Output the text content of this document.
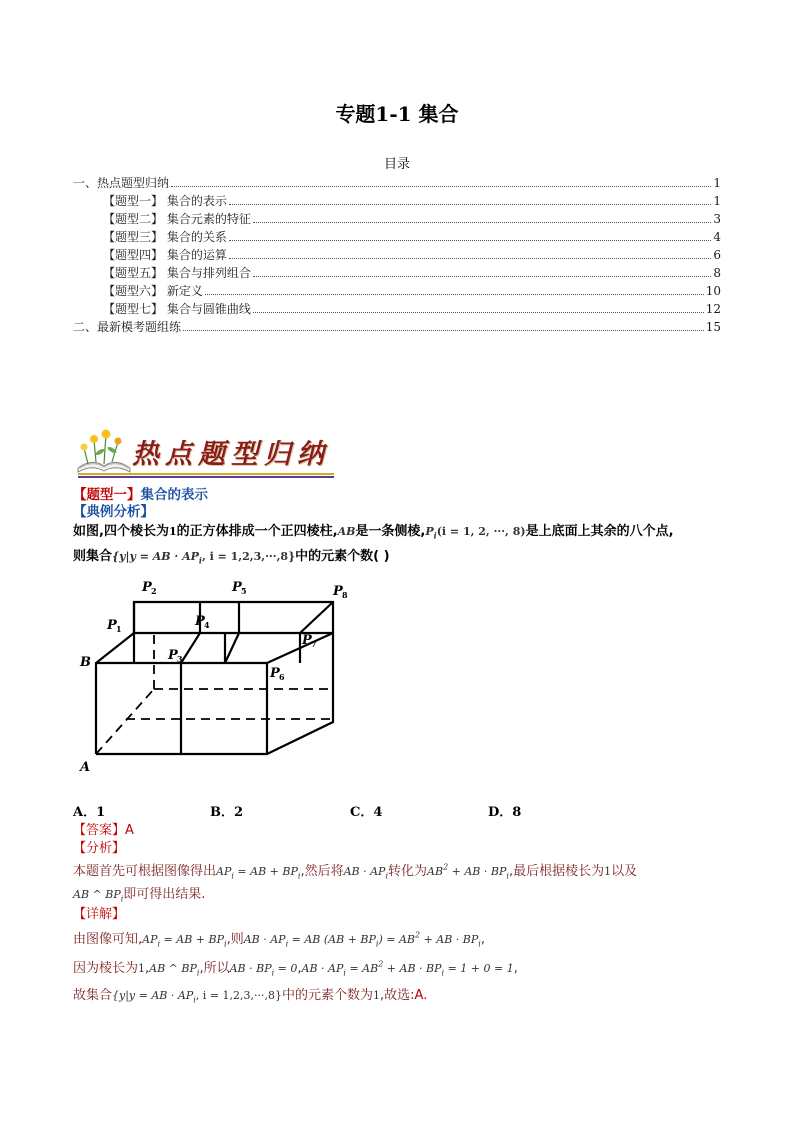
专题1-1 集合
目录
一、热点题型归纳	1
【题型一】 集合的表示	1
【题型二】 集合元素的特征	3
【题型三】 集合的关系	4
【题型四】 集合的运算	6
【题型五】 集合与排列组合	8
【题型六】 新定义	10
【题型七】 集合与圆锥曲线	12
二、最新模考题组练	15
热点题型归纳
【题型一】集合的表示
【典例分析】
如图,四个棱长为1的正方体排成一个正四棱柱,AB是一条侧棱$,P_i(i = 1$, 2, ···, 8)是上底面上其余的八个点,
则集合{y|y = AB · $AP_i$, i = 1,2,3,···,8}中的元素个数( )
P 2	P 5	P 8
P 1	P 4
P 7
P 3
P 6
B
A
A．1	B．2	C．4	D．8
【答案】A
【分析】
本题首先可根据图像得出$AP_i$ = AB + $BP_i$,然后将AB · $AP_i$转化为$AB^2$ + AB · $BP_i$,最后根据棱长为1以及
AB ^ $BP_i$即可得出结果.
【详解】
由图像可知$,AP_i$ = AB + $BP_i$,则AB · $AP_i$ = AB $(AB + BP_i) = AB^2$ + AB · $BP_i$,
因为棱长为1,AB ^ $BP_i$,所以AB · $BP_i = 0,AB \cdot AP_i = AB^2$ + AB · $BP_i = 1 + 0 = 1$,
故集合{y|y = AB · $AP_i$, i = 1,2,3,···,8}中的元素个数为1,故选:A.
